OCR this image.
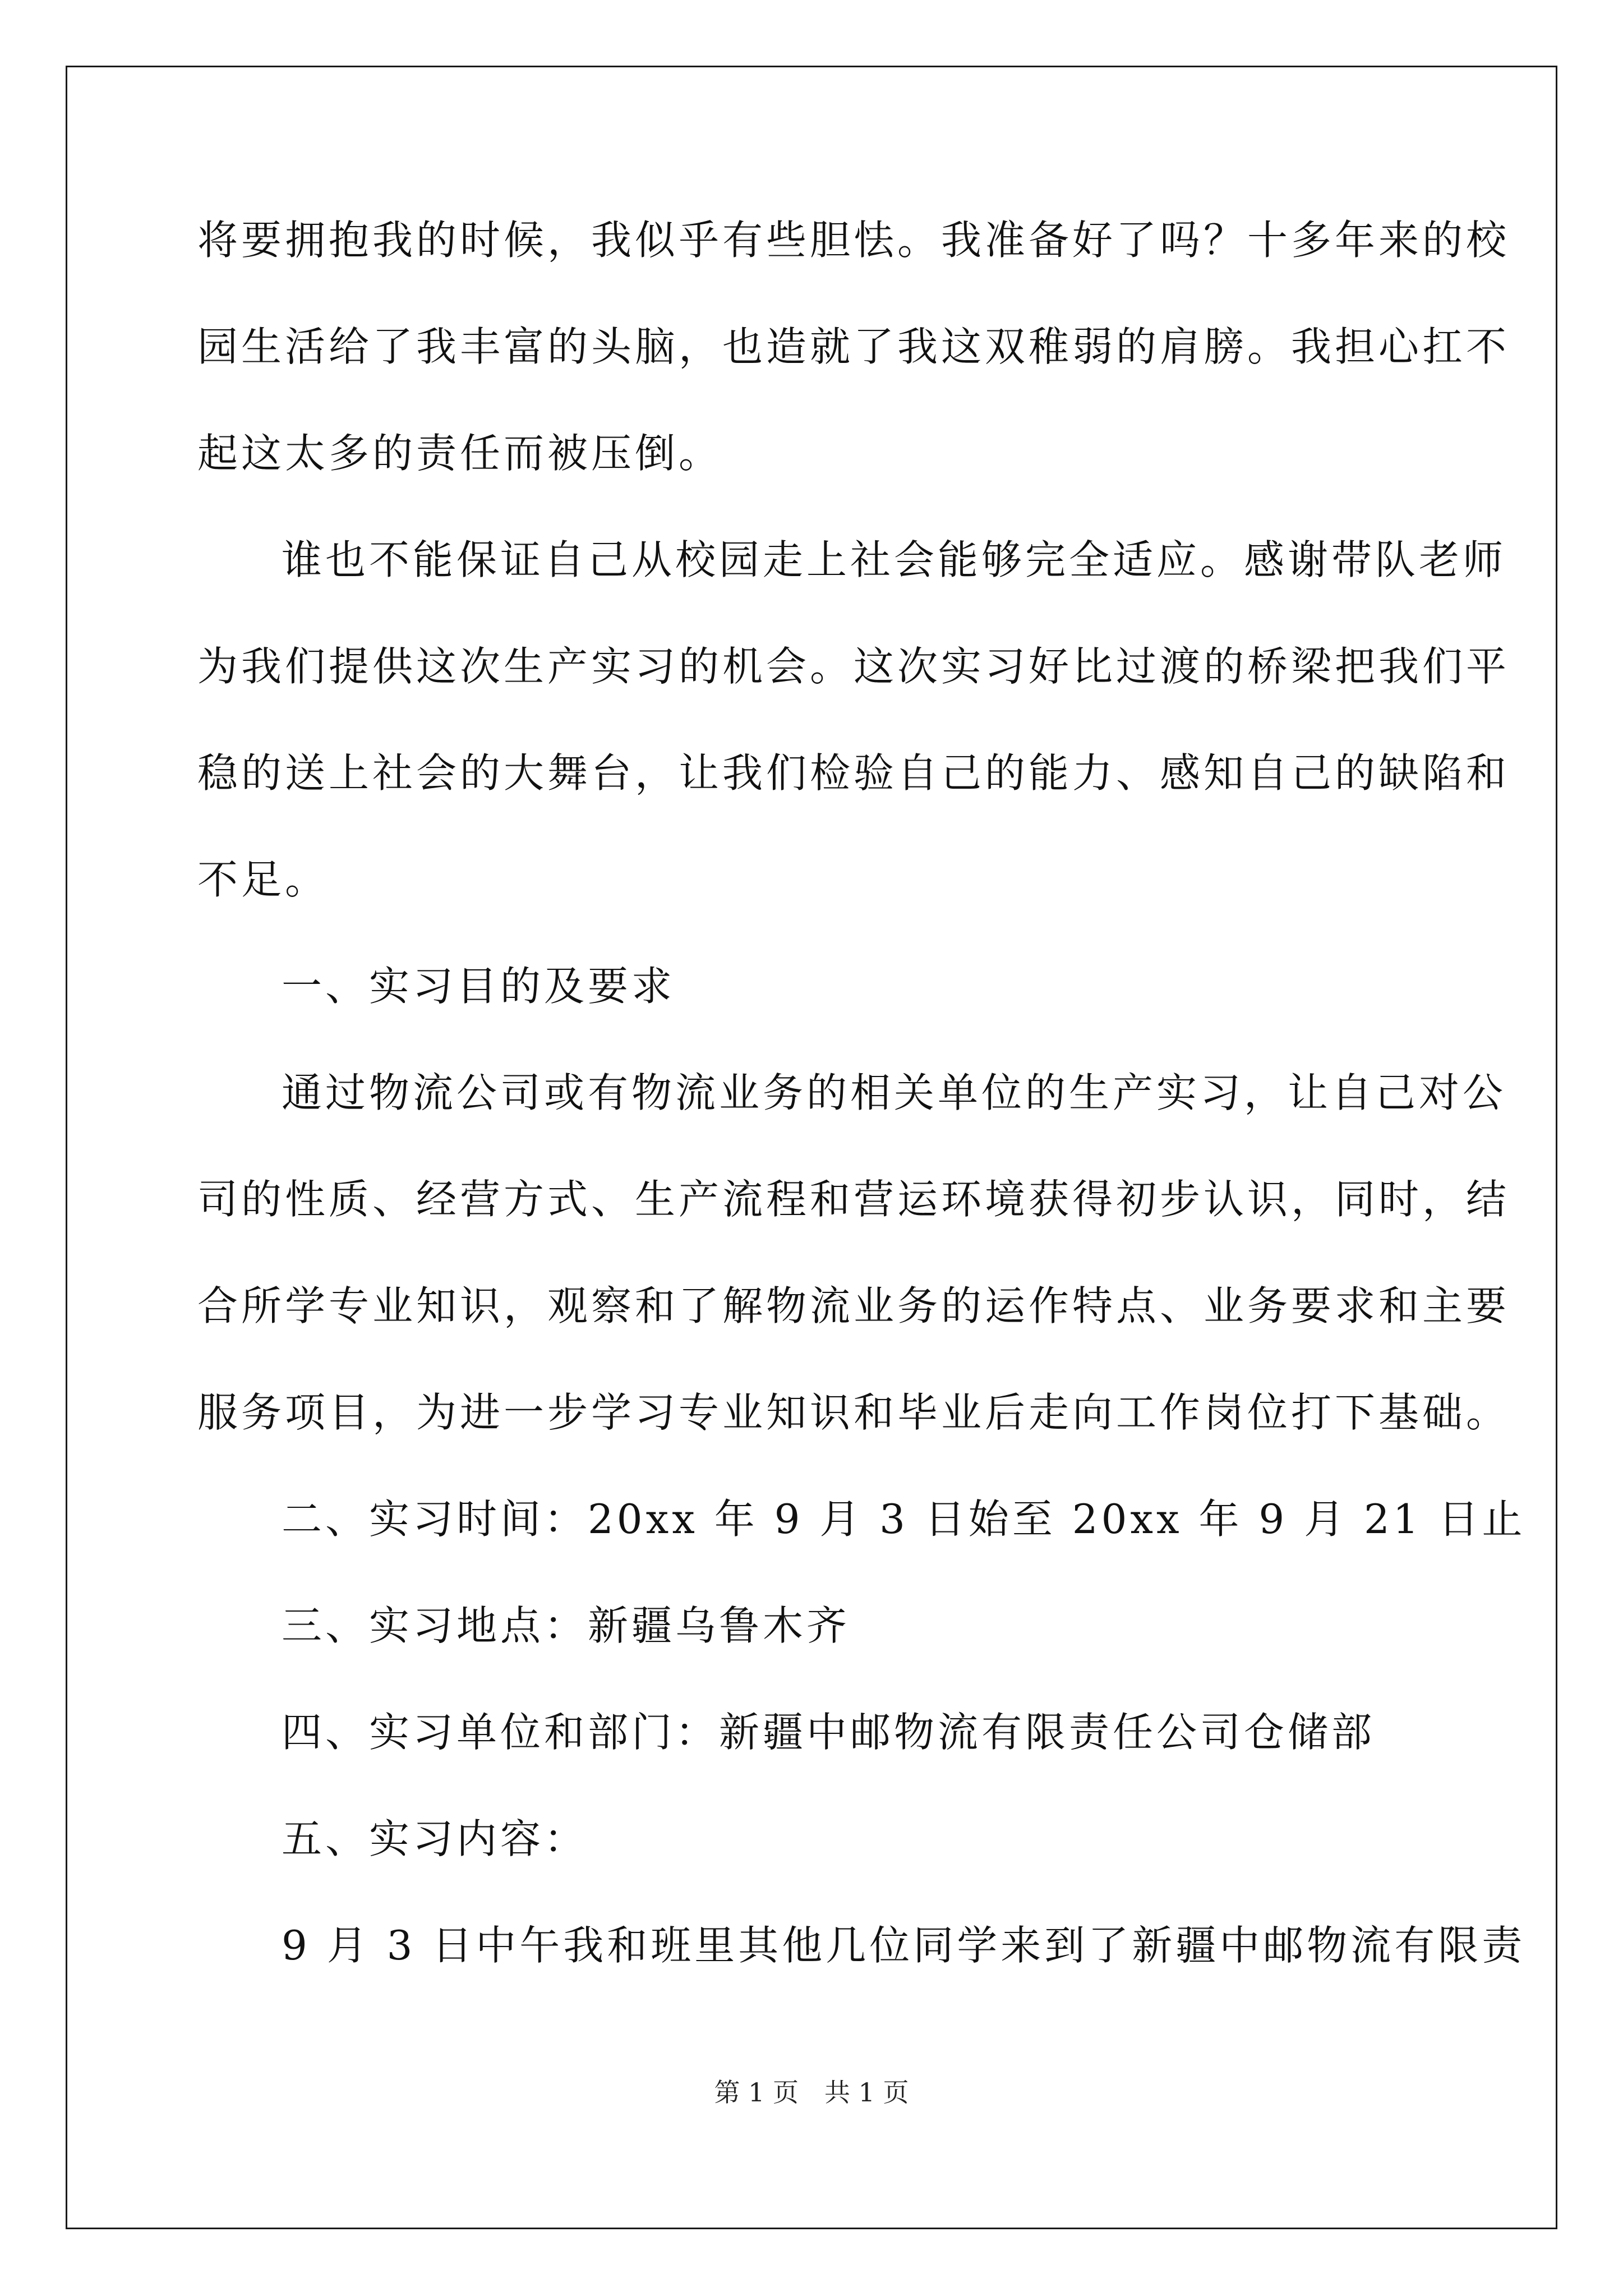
将要拥抱我的时候，我似乎有些胆怯。我准备好了吗？十多年来的校
园生活给了我丰富的头脑，也造就了我这双稚弱的肩膀。我担心扛不
起这太多的责任而被压倒。
谁也不能保证自己从校园走上社会能够完全适应。感谢带队老师
为我们提供这次生产实习的机会。这次实习好比过渡的桥梁把我们平
稳的送上社会的大舞台，让我们检验自己的能力、感知自己的缺陷和
不足。
一、实习目的及要求
通过物流公司或有物流业务的相关单位的生产实习，让自己对公
司的性质、经营方式、生产流程和营运环境获得初步认识，同时，结
合所学专业知识，观察和了解物流业务的运作特点、业务要求和主要
服务项目，为进一步学习专业知识和毕业后走向工作岗位打下基础。
二、实习时间：20xx 年 9 月 3 日始至 20xx 年 9 月 21 日止
三、实习地点：新疆乌鲁木齐
四、实习单位和部门：新疆中邮物流有限责任公司仓储部
五、实习内容：
9 月 3 日中午我和班里其他几位同学来到了新疆中邮物流有限责
第 1 页　共 1 页
